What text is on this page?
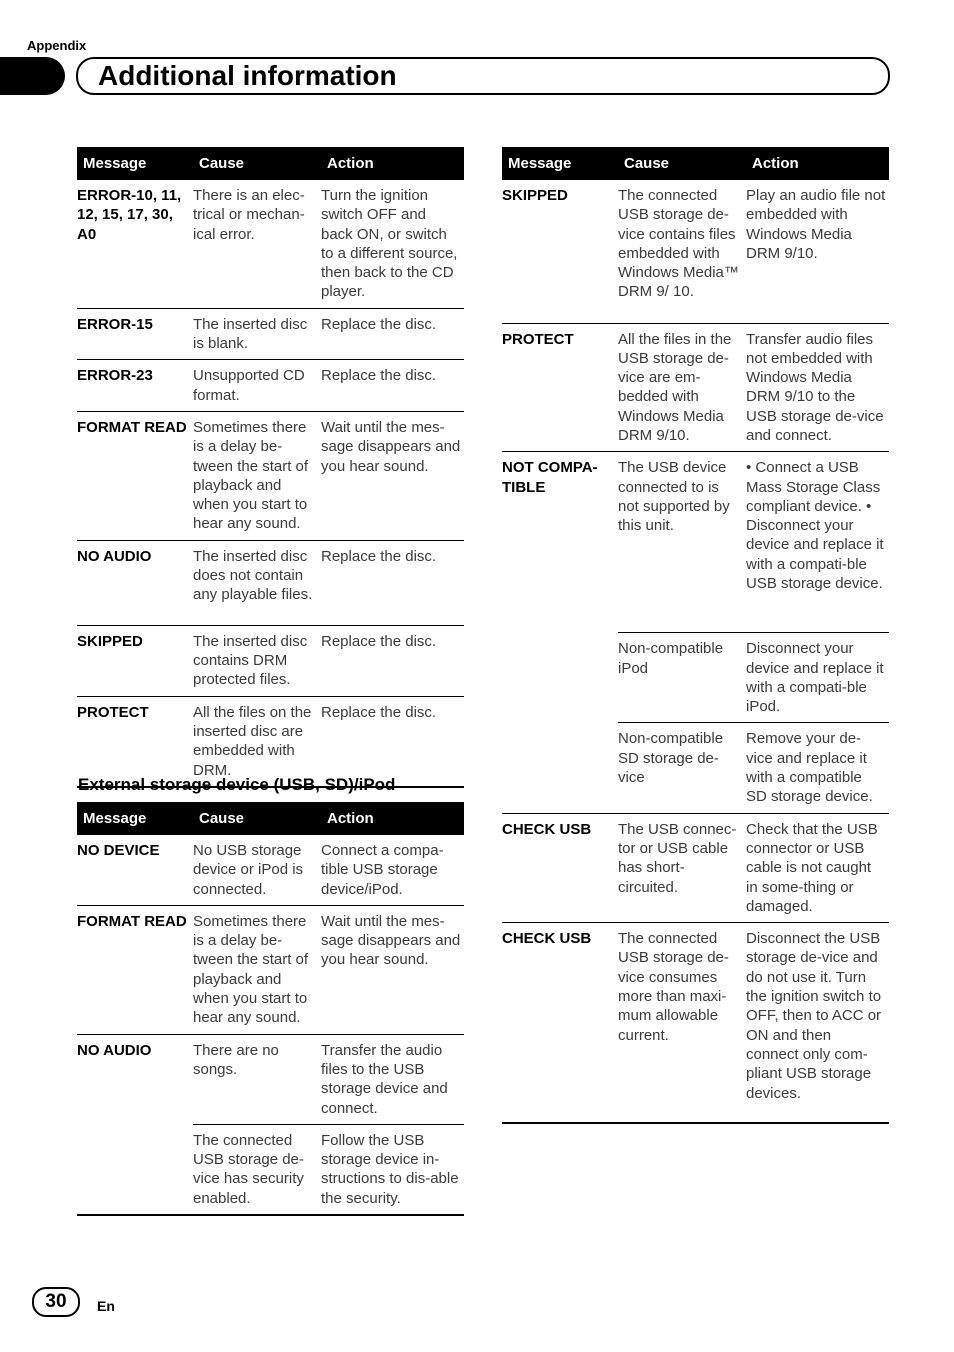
Appendix
Additional information
Message	Cause	Action
ERROR-10, 11, 12, 15, 17, 30, A0	There is an elec-trical or mechan-ical error.	Turn the ignition switch OFF and back ON, or switch to a different source, then back to the CD player.
ERROR-15	The inserted disc is blank.	Replace the disc.
ERROR-23	Unsupported CD format.	Replace the disc.
FORMAT READ	Sometimes there is a delay be-tween the start of playback and when you start to hear any sound.	Wait until the mes-sage disappears and you hear sound.
NO AUDIO	The inserted disc does not contain any playable files.	Replace the disc.
SKIPPED	The inserted disc contains DRM protected files.	Replace the disc.
PROTECT	All the files on the inserted disc are embedded with DRM.	Replace the disc.
External storage device (USB, SD)/iPod
Message	Cause	Action
NO DEVICE	No USB storage device or iPod is connected.	Connect a compa-tible USB storage device/iPod.
FORMAT READ	Sometimes there is a delay be-tween the start of playback and when you start to hear any sound.	Wait until the mes-sage disappears and you hear sound.
NO AUDIO	There are no songs.	Transfer the audio files to the USB storage device and connect.
	The connected USB storage de-vice has security enabled.	Follow the USB storage device in-structions to dis-able the security.
Message	Cause	Action
SKIPPED	The connected USB storage de-vice contains files embedded with Windows Media™ DRM 9/ 10.	Play an audio file not embedded with Windows Media DRM 9/10.
PROTECT	All the files in the USB storage de-vice are em-bedded with Windows Media DRM 9/10.	Transfer audio files not embedded with Windows Media DRM 9/10 to the USB storage de-vice and connect.
NOT COMPA-TIBLE	The USB device connected to is not supported by this unit.	• Connect a USB Mass Storage Class compliant device. • Disconnect your device and replace it with a compati-ble USB storage device.
	Non-compatible iPod	Disconnect your device and replace it with a compati-ble iPod.
	Non-compatible SD storage de-vice	Remove your de-vice and replace it with a compatible SD storage device.
CHECK USB	The USB connec-tor or USB cable has short-circuited.	Check that the USB connector or USB cable is not caught in some-thing or damaged.
CHECK USB	The connected USB storage de-vice consumes more than maxi-mum allowable current.	Disconnect the USB storage de-vice and do not use it. Turn the ignition switch to OFF, then to ACC or ON and then connect only com-pliant USB storage devices.
30	En
